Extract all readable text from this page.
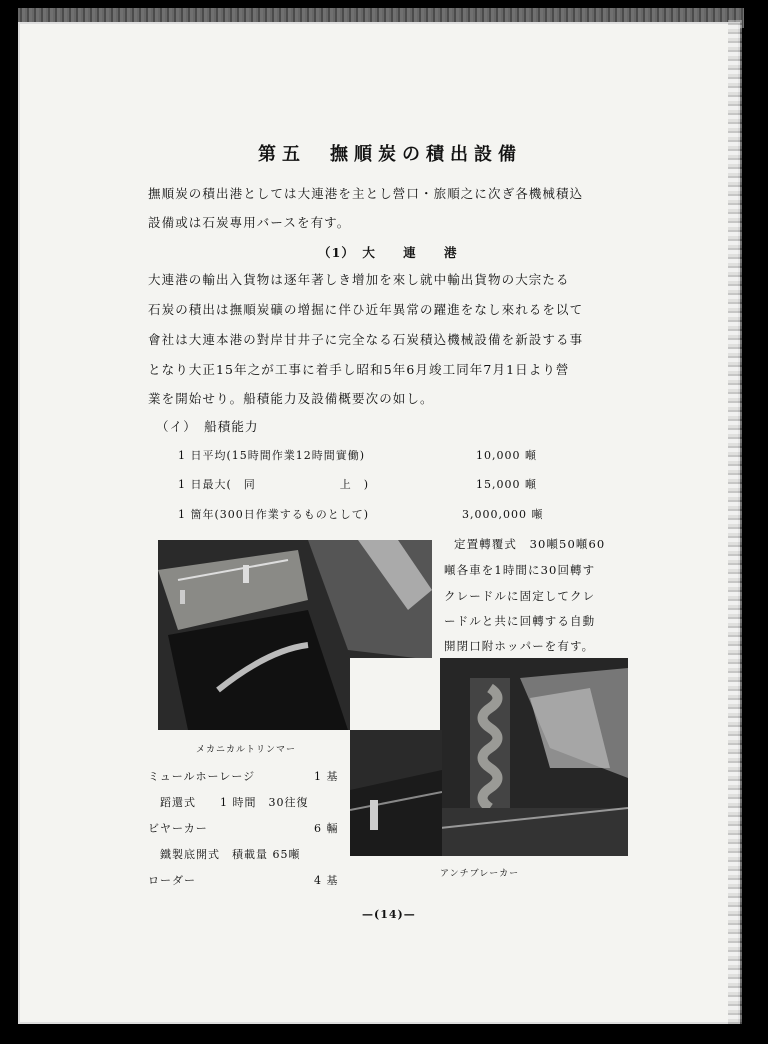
第五　撫順炭の積出設備
撫順炭の積出港としては大連港を主とし營口・旅順之に次ぎ各機械積込
設備或は石炭專用バースを有す。
（1）　大　　連　　港
大連港の輸出入貨物は逐年著しき增加を來し就中輸出貨物の大宗たる
石炭の積出は撫順炭礦の增掘に伴ひ近年異常の躍進をなし來れるを以て
會社は大連本港の對岸甘井子に完全なる石炭積込機械設備を新設する事
となり大正15年之が工事に着手し昭和5年6月竣工同年7月1日より營
業を開始せり。船積能力及設備概要次の如し。
（イ）　船積能力
1 日平均(15時間作業12時間實働)	10,000 噸
1 日最大(　同　　　　　　　上　)	15,000 噸
1 箇年(300日作業するものとして)	3,000,000 噸
定置轉覆式　30噸50噸60
噸各車を1時間に30回轉す
クレードルに固定してクレ
ードルと共に回轉する自動
開閉口附ホッパーを有す。
メカニカルトリンマー
アンチブレーカー
ミュールホーレージ	1 基
　蹈還式　　1 時間　30往復
ビヤーカー	6 輛
　鐵製底開式　積載量 65噸
ローダー	4 基
—(14)—
